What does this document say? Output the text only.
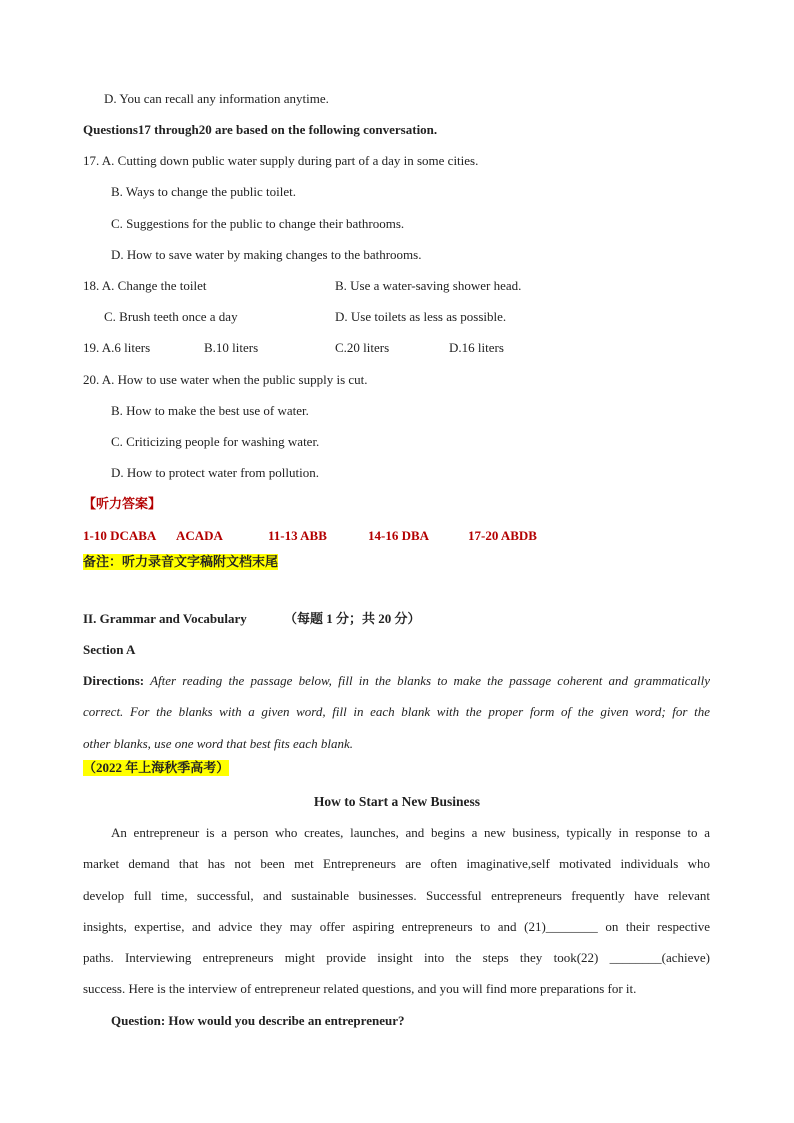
D. You can recall any information anytime.
Questions17 through20 are based on the following conversation.
17. A. Cutting down public water supply during part of a day in some cities.
B. Ways to change the public toilet.
C. Suggestions for the public to change their bathrooms.
D. How to save water by making changes to the bathrooms.
18. A. Change the toilet	B. Use a water-saving shower head.
C. Brush teeth once a day	D. Use toilets as less as possible.
19. A.6 liters	B.10 liters	C.20 liters	D.16 liters
20. A. How to use water when the public supply is cut.
B. How to make the best use of water.
C. Criticizing people for washing water.
D. How to protect water from pollution.
【听力答案】
1-10 DCABA ACADA	11-13 ABB	14-16 DBA	17-20 ABDB
备注：听力录音文字稿附文档末尾
II. Grammar and Vocabulary	（每题 1 分；共 20 分）
Section A
Directions: After reading the passage below, fill in the blanks to make the passage coherent and grammatically
correct. For the blanks with a given word, fill in each blank with the proper form of the given word; for the
other blanks, use one word that best fits each blank.
（2022 年上海秋季高考）
How to Start a New Business
An entrepreneur is a person who creates, launches, and begins a new business, typically in response to a
market demand that has not been met Entrepreneurs are often imaginative,self motivated individuals who
develop full time, successful, and sustainable businesses. Successful entrepreneurs frequently have relevant
insights, expertise, and advice they may offer aspiring entrepreneurs to and (21)________ on their respective
paths. Interviewing entrepreneurs might provide insight into the steps they took(22) ________(achieve)
success. Here is the interview of entrepreneur related questions, and you will find more preparations for it.
Question: How would you describe an entrepreneur?
